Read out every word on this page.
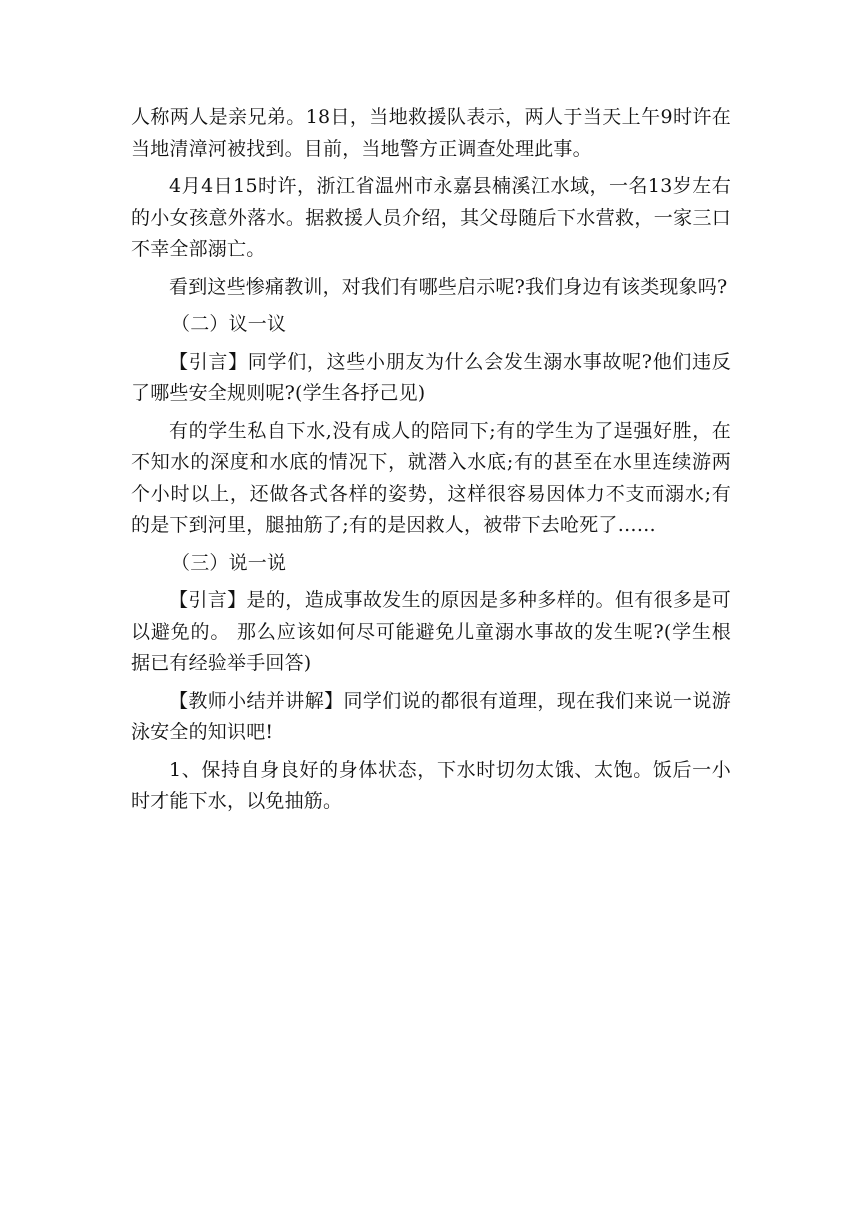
人称两人是亲兄弟。18日，当地救援队表示，两人于当天上午9时许在当地清漳河被找到。目前，当地警方正调查处理此事。

4月4日15时许，浙江省温州市永嘉县楠溪江水域，一名13岁左右的小女孩意外落水。据救援人员介绍，其父母随后下水营救，一家三口不幸全部溺亡。

看到这些惨痛教训，对我们有哪些启示呢?我们身边有该类现象吗?

（二）议一议

【引言】同学们，这些小朋友为什么会发生溺水事故呢?他们违反了哪些安全规则呢?(学生各抒己见)

有的学生私自下水,没有成人的陪同下;有的学生为了逞强好胜，在不知水的深度和水底的情况下，就潜入水底;有的甚至在水里连续游两个小时以上，还做各式各样的姿势，这样很容易因体力不支而溺水;有的是下到河里，腿抽筋了;有的是因救人，被带下去呛死了……

（三）说一说

【引言】是的，造成事故发生的原因是多种多样的。但有很多是可以避免的。 那么应该如何尽可能避免儿童溺水事故的发生呢?(学生根据已有经验举手回答)

【教师小结并讲解】同学们说的都很有道理，现在我们来说一说游泳安全的知识吧!

1、保持自身良好的身体状态，下水时切勿太饿、太饱。饭后一小时才能下水，以免抽筋。
